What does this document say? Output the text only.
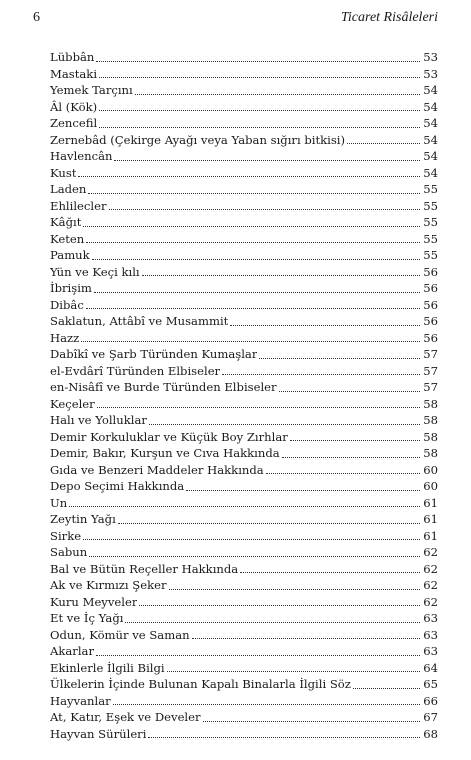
6	Ticaret Risâleleri
Lübbân	53
Mastaki	53
Yemek Tarçını	54
Âl (Kök)	54
Zencefil	54
Zernebâd (Çekirge Ayağı veya Yaban sığırı bitkisi)	54
Havlencân	54
Kust	54
Laden	55
Ehlilecler	55
Kâğıt	55
Keten	55
Pamuk	55
Yün ve Keçi kılı	56
İbrişim	56
Dibâc	56
Saklatun, Attâbî ve Musammit	56
Hazz	56
Dabîkî ve Şarb Türünden Kumaşlar	57
el-Evdârî Türünden Elbiseler	57
en-Nisâfî ve Burde Türünden Elbiseler	57
Keçeler	58
Halı ve Yolluklar	58
Demir Korkuluklar ve Küçük Boy Zırhlar	58
Demir, Bakır, Kurşun ve Cıva Hakkında	58
Gıda ve Benzeri Maddeler Hakkında	60
Depo Seçimi Hakkında	60
Un	61
Zeytin Yağı	61
Sirke	61
Sabun	62
Bal ve Bütün Reçeller Hakkında	62
Ak ve Kırmızı Şeker	62
Kuru Meyveler	62
Et ve İç Yağı	63
Odun, Kömür ve Saman	63
Akarlar	63
Ekinlerle İlgili Bilgi	64
Ülkelerin İçinde Bulunan Kapalı Binalarla İlgili Söz	65
Hayvanlar	66
At, Katır, Eşek ve Develer	67
Hayvan Sürüleri	68
